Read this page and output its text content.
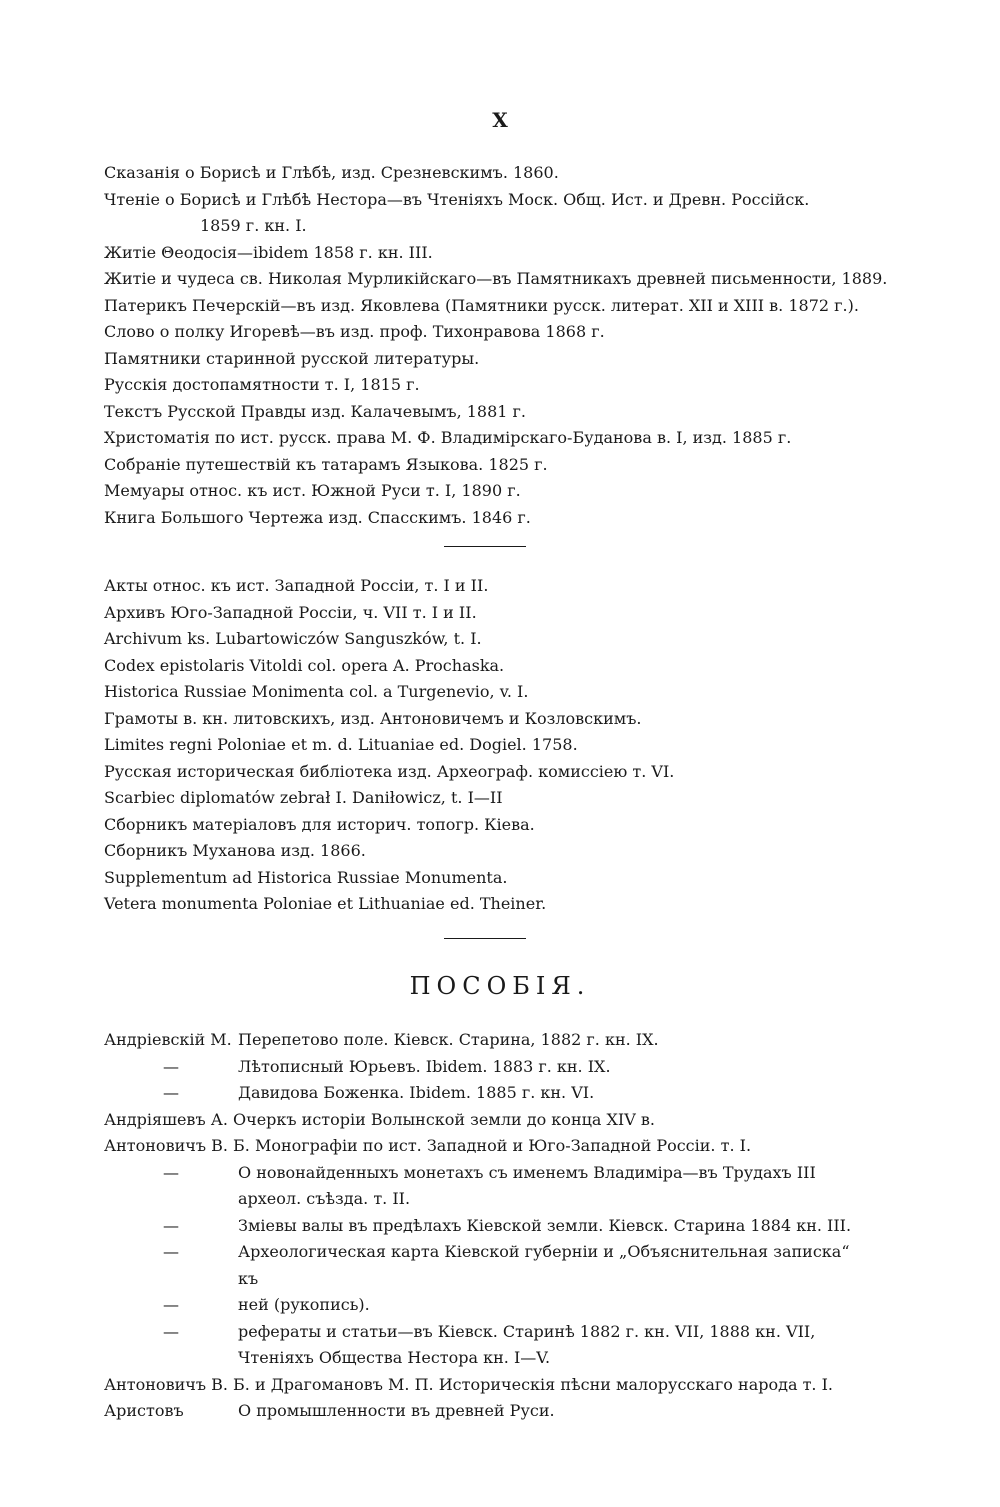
X
Сказанія о Борисѣ и Глѣбѣ, изд. Срезневскимъ. 1860.
Чтеніе о Борисѣ и Глѣбѣ Нестора—въ Чтеніяхъ Моск. Общ. Ист. и Древн. Россійск.
1859 г. кн. I.
Житіе Θеодосія—ibidem 1858 г. кн. III.
Житіе и чудеса св. Николая Мурликійскаго—въ Памятникахъ древней письменности, 1889.
Патерикъ Печерскій—въ изд. Яковлева (Памятники русск. литерат. XII и XIII в. 1872 г.).
Слово о полку Игоревѣ—въ изд. проф. Тихонравова 1868 г.
Памятники старинной русской литературы.
Русскія достопамятности т. I, 1815 г.
Текстъ Русской Правды изд. Калачевымъ, 1881 г.
Христоматія по ист. русск. права М. Ф. Владимірскаго-Буданова в. I, изд. 1885 г.
Собраніе путешествій къ татарамъ Языкова. 1825 г.
Мемуары относ. къ ист. Южной Руси т. I, 1890 г.
Книга Большого Чертежа изд. Спасскимъ. 1846 г.
Акты относ. къ ист. Западной Россіи, т. I и II.
Архивъ Юго-Западной Россіи, ч. VII т. I и II.
Archivum ks. Lubartowiczów Sanguszków, t. I.
Codex epistolaris Vitoldi col. opera A. Prochaska.
Historica Russiae Monimenta col. a Turgenevio, v. I.
Грамоты в. кн. литовскихъ, изд. Антоновичемъ и Козловскимъ.
Limites regni Poloniae et m. d. Lituaniae ed. Dogiel. 1758.
Русская историческая библіотека изд. Археограф. комиссіею т. VI.
Scarbiec diplomatów zebrał I. Daniłowicz, t. I—II
Сборникъ матеріаловъ для историч. топогр. Кіева.
Сборникъ Муханова изд. 1866.
Supplementum ad Historica Russiae Monumenta.
Vetera monumenta Poloniae et Lithuaniae ed. Theiner.
ПОСОБІЯ.
Андріевскій М. Перепетово поле. Кіевск. Старина, 1882 г. кн. IX.
—	Лѣтописный Юрьевъ. Ibidem. 1883 г. кн. IX.
—	Давидова Боженка. Ibidem. 1885 г. кн. VI.
Андріяшевъ А. Очеркъ исторіи Волынской земли до конца XIV в.
Антоновичъ В. Б. Монографіи по ист. Западной и Юго-Западной Россіи. т. I.
—	О новонайденныхъ монетахъ съ именемъ Владиміра—въ Трудахъ III археол. съѣзда. т. II.
—	Зміевы валы въ предѣлахъ Кіевской земли. Кіевск. Старина 1884 кн. III.
—	Археологическая карта Кіевской губерніи и „Объяснительная записка“ къ
—	ней (рукопись).
—	рефераты и статьи—въ Кіевск. Старинѣ 1882 г. кн. VII, 1888 кн. VII, Чтеніяхъ Общества Нестора кн. I—V.
Антоновичъ В. Б. и Драгомановъ М. П. Историческія пѣсни малорусскаго народа т. I.
Аристовъ	О промышленности въ древней Руси.
